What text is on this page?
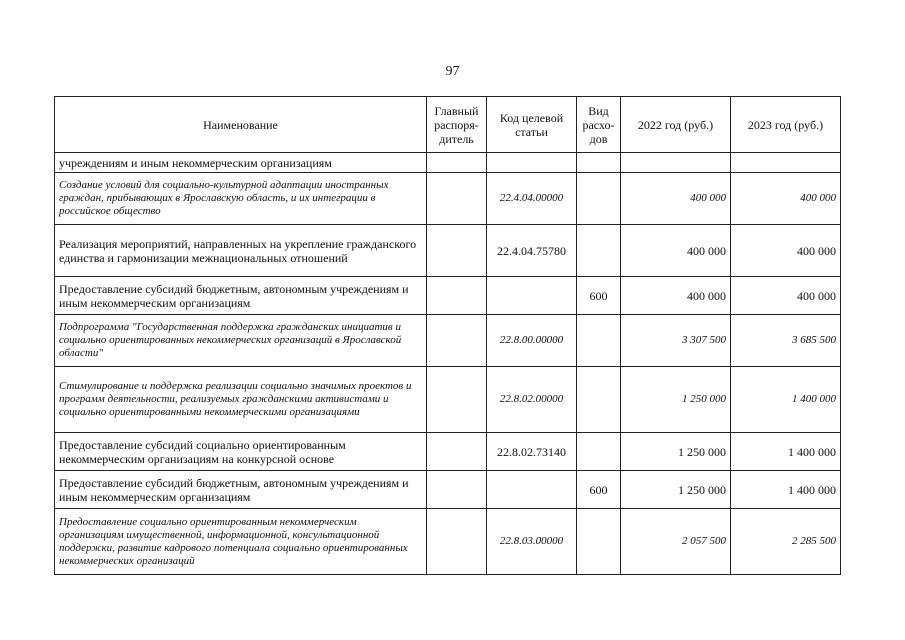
97
Наименование	Главный распоря-дитель	Код целевой статьи	Вид расхо-дов	2022 год (руб.)	2023 год (руб.)
учреждениям и иным некоммерческим организациям					
Создание условий для социально-культурной адаптации иностранных граждан, прибывающих в Ярославскую область, и их интеграции в российское общество		22.4.04.00000		400 000	400 000
Реализация мероприятий, направленных на укрепление гражданского единства и гармонизации межнациональных отношений		22.4.04.75780		400 000	400 000
Предоставление субсидий бюджетным, автономным учреждениям и иным некоммерческим организациям			600	400 000	400 000
Подпрограмма "Государственная поддержка гражданских инициатив и социально ориентированных некоммерческих организаций в Ярославской области"		22.8.00.00000		3 307 500	3 685 500
Стимулирование и поддержка реализации социально значимых проектов и программ деятельности, реализуемых гражданскими активистами и социально ориентированными некоммерческими организациями		22.8.02.00000		1 250 000	1 400 000
Предоставление субсидий социально ориентированным некоммерческим организациям на конкурсной основе		22.8.02.73140		1 250 000	1 400 000
Предоставление субсидий бюджетным, автономным учреждениям и иным некоммерческим организациям			600	1 250 000	1 400 000
Предоставление социально ориентированным некоммерческим организациям имущественной, информационной, консультационной поддержки, развитие кадрового потенциала социально ориентированных некоммерческих организаций		22.8.03.00000		2 057 500	2 285 500
